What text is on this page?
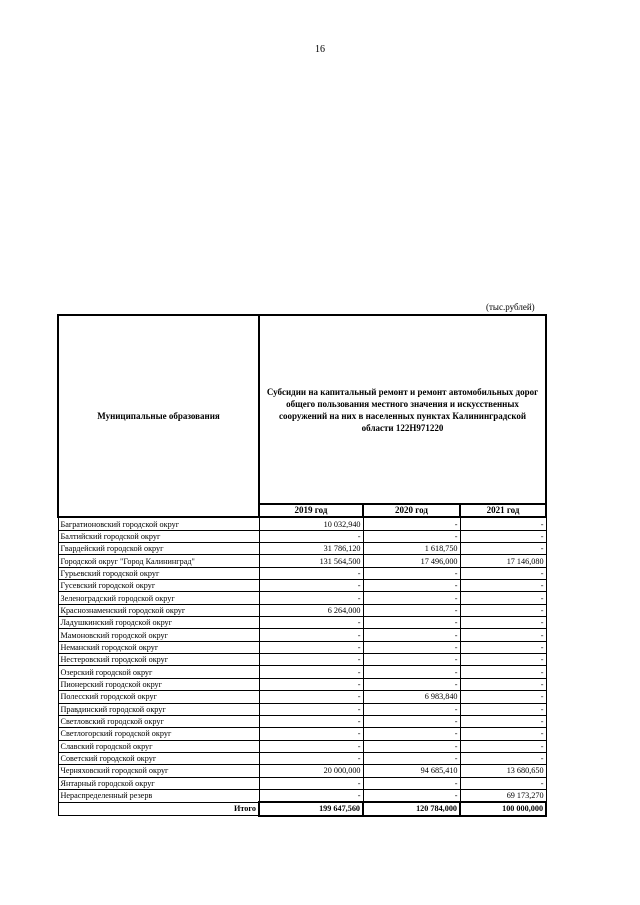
16
(тыс.рублей)
Муниципальные образования	Субсидии на капитальный ремонт и ремонт автомобильных дорог общего пользования местного значения и искусственных сооружений на них в населенных пунктах Калининградской области 122Н971220		
	2019 год	2020 год	2021 год
Багратионовский городской округ	10 032,940	-	-
Балтийский городской округ	-	-	-
Гвардейский городской округ	31 786,120	1 618,750	-
Городской округ "Город Калининград"	131 564,500	17 496,000	17 146,080
Гурьевский городской округ	-	-	-
Гусевский городской округ	-	-	-
Зеленоградский городской округ	-	-	-
Краснознаменский городской округ	6 264,000	-	-
Ладушкинский городской округ	-	-	-
Мамоновский городской округ	-	-	-
Неманский городской округ	-	-	-
Нестеровский городской округ	-	-	-
Озерский городской округ	-	-	-
Пионерский городской округ	-	-	-
Полесский городской округ	-	6 983,840	-
Правдинский городской округ	-	-	-
Светловский городской округ	-	-	-
Светлогорский городской округ	-	-	-
Славский городской округ	-	-	-
Советский городской округ	-	-	-
Черняховский городской округ	20 000,000	94 685,410	13 680,650
Янтарный городской округ	-	-	-
Нераспределенный резерв	-	-	69 173,270
Итого	199 647,560	120 784,000	100 000,000
